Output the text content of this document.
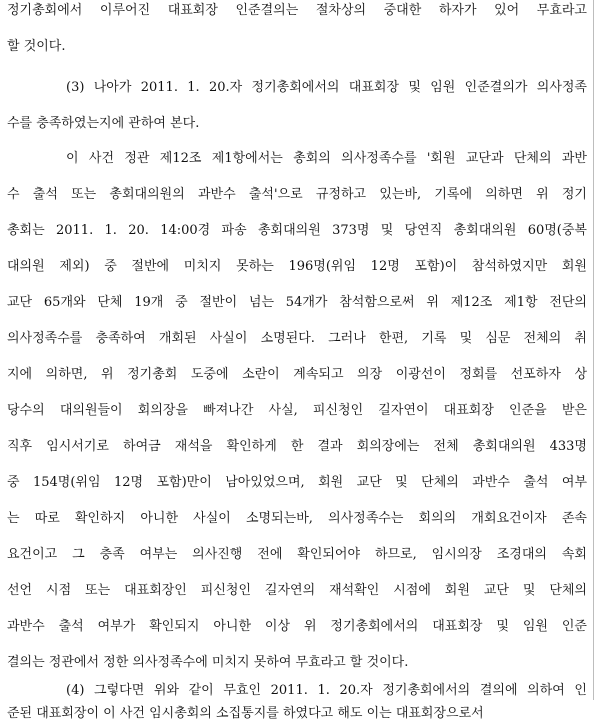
정기총회에서 이루어진 대표회장 인준결의는 절차상의 중대한 하자가 있어 무효라고
할 것이다.
(3) 나아가 2011. 1. 20.자 정기총회에서의 대표회장 및 임원 인준결의가 의사정족
수를 충족하였는지에 관하여 본다.
이 사건 정관 제12조 제1항에서는 총회의 의사정족수를 '회원 교단과 단체의 과반
수 출석 또는 총회대의원의 과반수 출석'으로 규정하고 있는바, 기록에 의하면 위 정기
총회는 2011. 1. 20. 14:00경 파송 총회대의원 373명 및 당연직 총회대의원 60명(중복
대의원 제외) 중 절반에 미치지 못하는 196명(위임 12명 포함)이 참석하였지만 회원
교단 65개와 단체 19개 중 절반이 넘는 54개가 참석함으로써 위 제12조 제1항 전단의
의사정족수를 충족하여 개회된 사실이 소명된다. 그러나 한편, 기록 및 심문 전체의 취
지에 의하면, 위 정기총회 도중에 소란이 계속되고 의장 이광선이 정회를 선포하자 상
당수의 대의원들이 회의장을 빠져나간 사실, 피신청인 길자연이 대표회장 인준을 받은
직후 임시서기로 하여금 재석을 확인하게 한 결과 회의장에는 전체 총회대의원 433명
중 154명(위임 12명 포함)만이 남아있었으며, 회원 교단 및 단체의 과반수 출석 여부
는 따로 확인하지 아니한 사실이 소명되는바, 의사정족수는 회의의 개회요건이자 존속
요건이고 그 충족 여부는 의사진행 전에 확인되어야 하므로, 임시의장 조경대의 속회
선언 시점 또는 대표회장인 피신청인 길자연의 재석확인 시점에 회원 교단 및 단체의
과반수 출석 여부가 확인되지 아니한 이상 위 정기총회에서의 대표회장 및 임원 인준
결의는 정관에서 정한 의사정족수에 미치지 못하여 무효라고 할 것이다.
(4) 그렇다면 위와 같이 무효인 2011. 1. 20.자 정기총회에서의 결의에 의하여 인
준된 대표회장이 이 사건 임시총회의 소집통지를 하였다고 해도 이는 대표회장으로서
